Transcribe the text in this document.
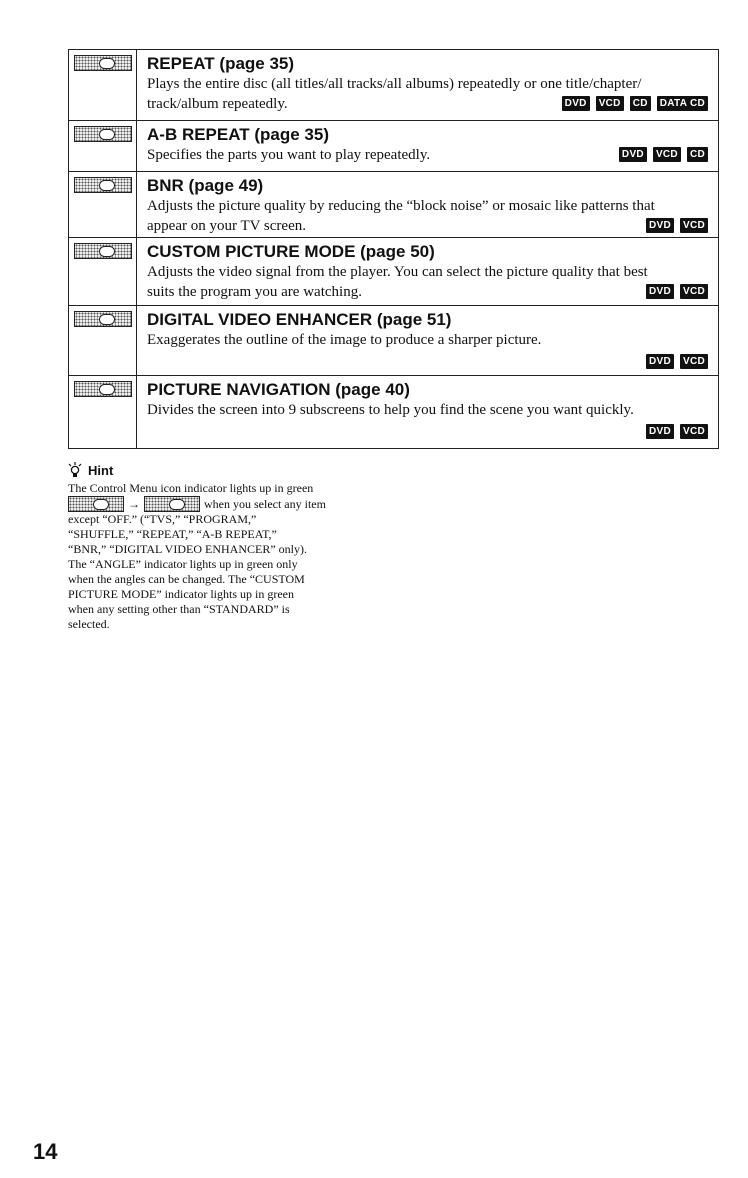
REPEAT (page 35)

Plays the entire disc (all titles/all tracks/all albums) repeatedly or one title/chapter/

track/album repeatedly.	DVD	VCD	CD	DATA CD

A-B REPEAT (page 35)

Specifies the parts you want to play repeatedly.	DVD	VCD	CD

BNR (page 49)

Adjusts the picture quality by reducing the “block noise” or mosaic like patterns that

appear on your TV screen.	DVD	VCD

CUSTOM PICTURE MODE (page 50)

Adjusts the video signal from the player. You can select the picture quality that best

suits the program you are watching.	DVD	VCD

DIGITAL VIDEO ENHANCER (page 51)

Exaggerates the outline of the image to produce a sharper picture.

DVD	VCD

PICTURE NAVIGATION (page 40)

Divides the screen into 9 subscreens to help you find the scene you want quickly.

DVD	VCD
Hint

The Control Menu icon indicator lights up in green

→	when you select any item

except “OFF.” (“TVS,” “PROGRAM,”

“SHUFFLE,” “REPEAT,” “A-B REPEAT,”

“BNR,” “DIGITAL VIDEO ENHANCER” only).

The “ANGLE” indicator lights up in green only

when the angles can be changed. The “CUSTOM

PICTURE MODE” indicator lights up in green

when any setting other than “STANDARD” is

selected.

14
